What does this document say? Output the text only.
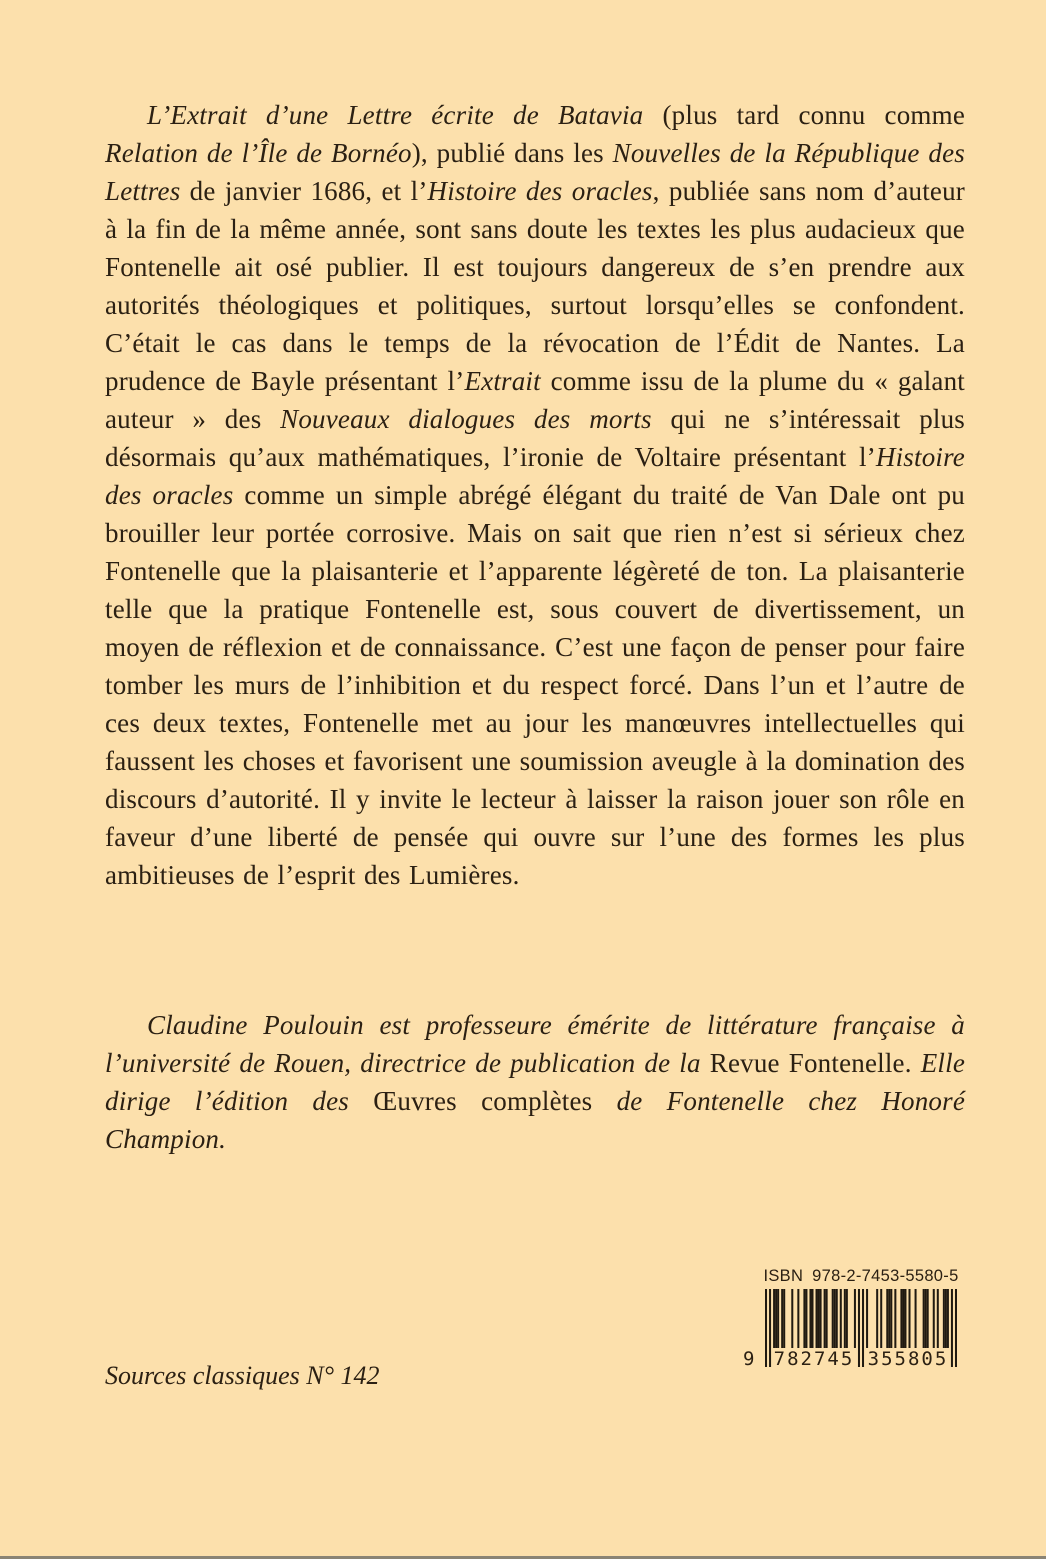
L’Extrait d’une Lettre écrite de Batavia (plus tard connu comme Relation de l’Île de Bornéo), publié dans les Nouvelles de la République des Lettres de janvier 1686, et l’Histoire des oracles, publiée sans nom d’auteur à la fin de la même année, sont sans doute les textes les plus audacieux que Fontenelle ait osé publier. Il est toujours dangereux de s’en prendre aux autorités théologiques et politiques, surtout lorsqu’elles se confondent. C’était le cas dans le temps de la révocation de l’Édit de Nantes. La prudence de Bayle présentant l’Extrait comme issu de la plume du « galant auteur » des Nouveaux dialogues des morts qui ne s’intéressait plus désormais qu’aux mathématiques, l’ironie de Voltaire présentant l’Histoire des oracles comme un simple abrégé élégant du traité de Van Dale ont pu brouiller leur portée corrosive. Mais on sait que rien n’est si sérieux chez Fontenelle que la plaisanterie et l’apparente légèreté de ton. La plaisanterie telle que la pratique Fontenelle est, sous couvert de divertissement, un moyen de réflexion et de connaissance. C’est une façon de penser pour faire tomber les murs de l’inhibition et du respect forcé. Dans l’un et l’autre de ces deux textes, Fontenelle met au jour les manœuvres intellectuelles qui faussent les choses et favorisent une soumission aveugle à la domination des discours d’autorité. Il y invite le lecteur à laisser la raison jouer son rôle en faveur d’une liberté de pensée qui ouvre sur l’une des formes les plus ambitieuses de l’esprit des Lumières.

Claudine Poulouin est professeure émérite de littérature française à l’université de Rouen, directrice de publication de la Revue Fontenelle. Elle dirige l’édition des Œuvres complètes de Fontenelle chez Honoré Champion.

ISBN 978-2-7453-5580-5
9 782745 355805

Sources classiques N° 142
